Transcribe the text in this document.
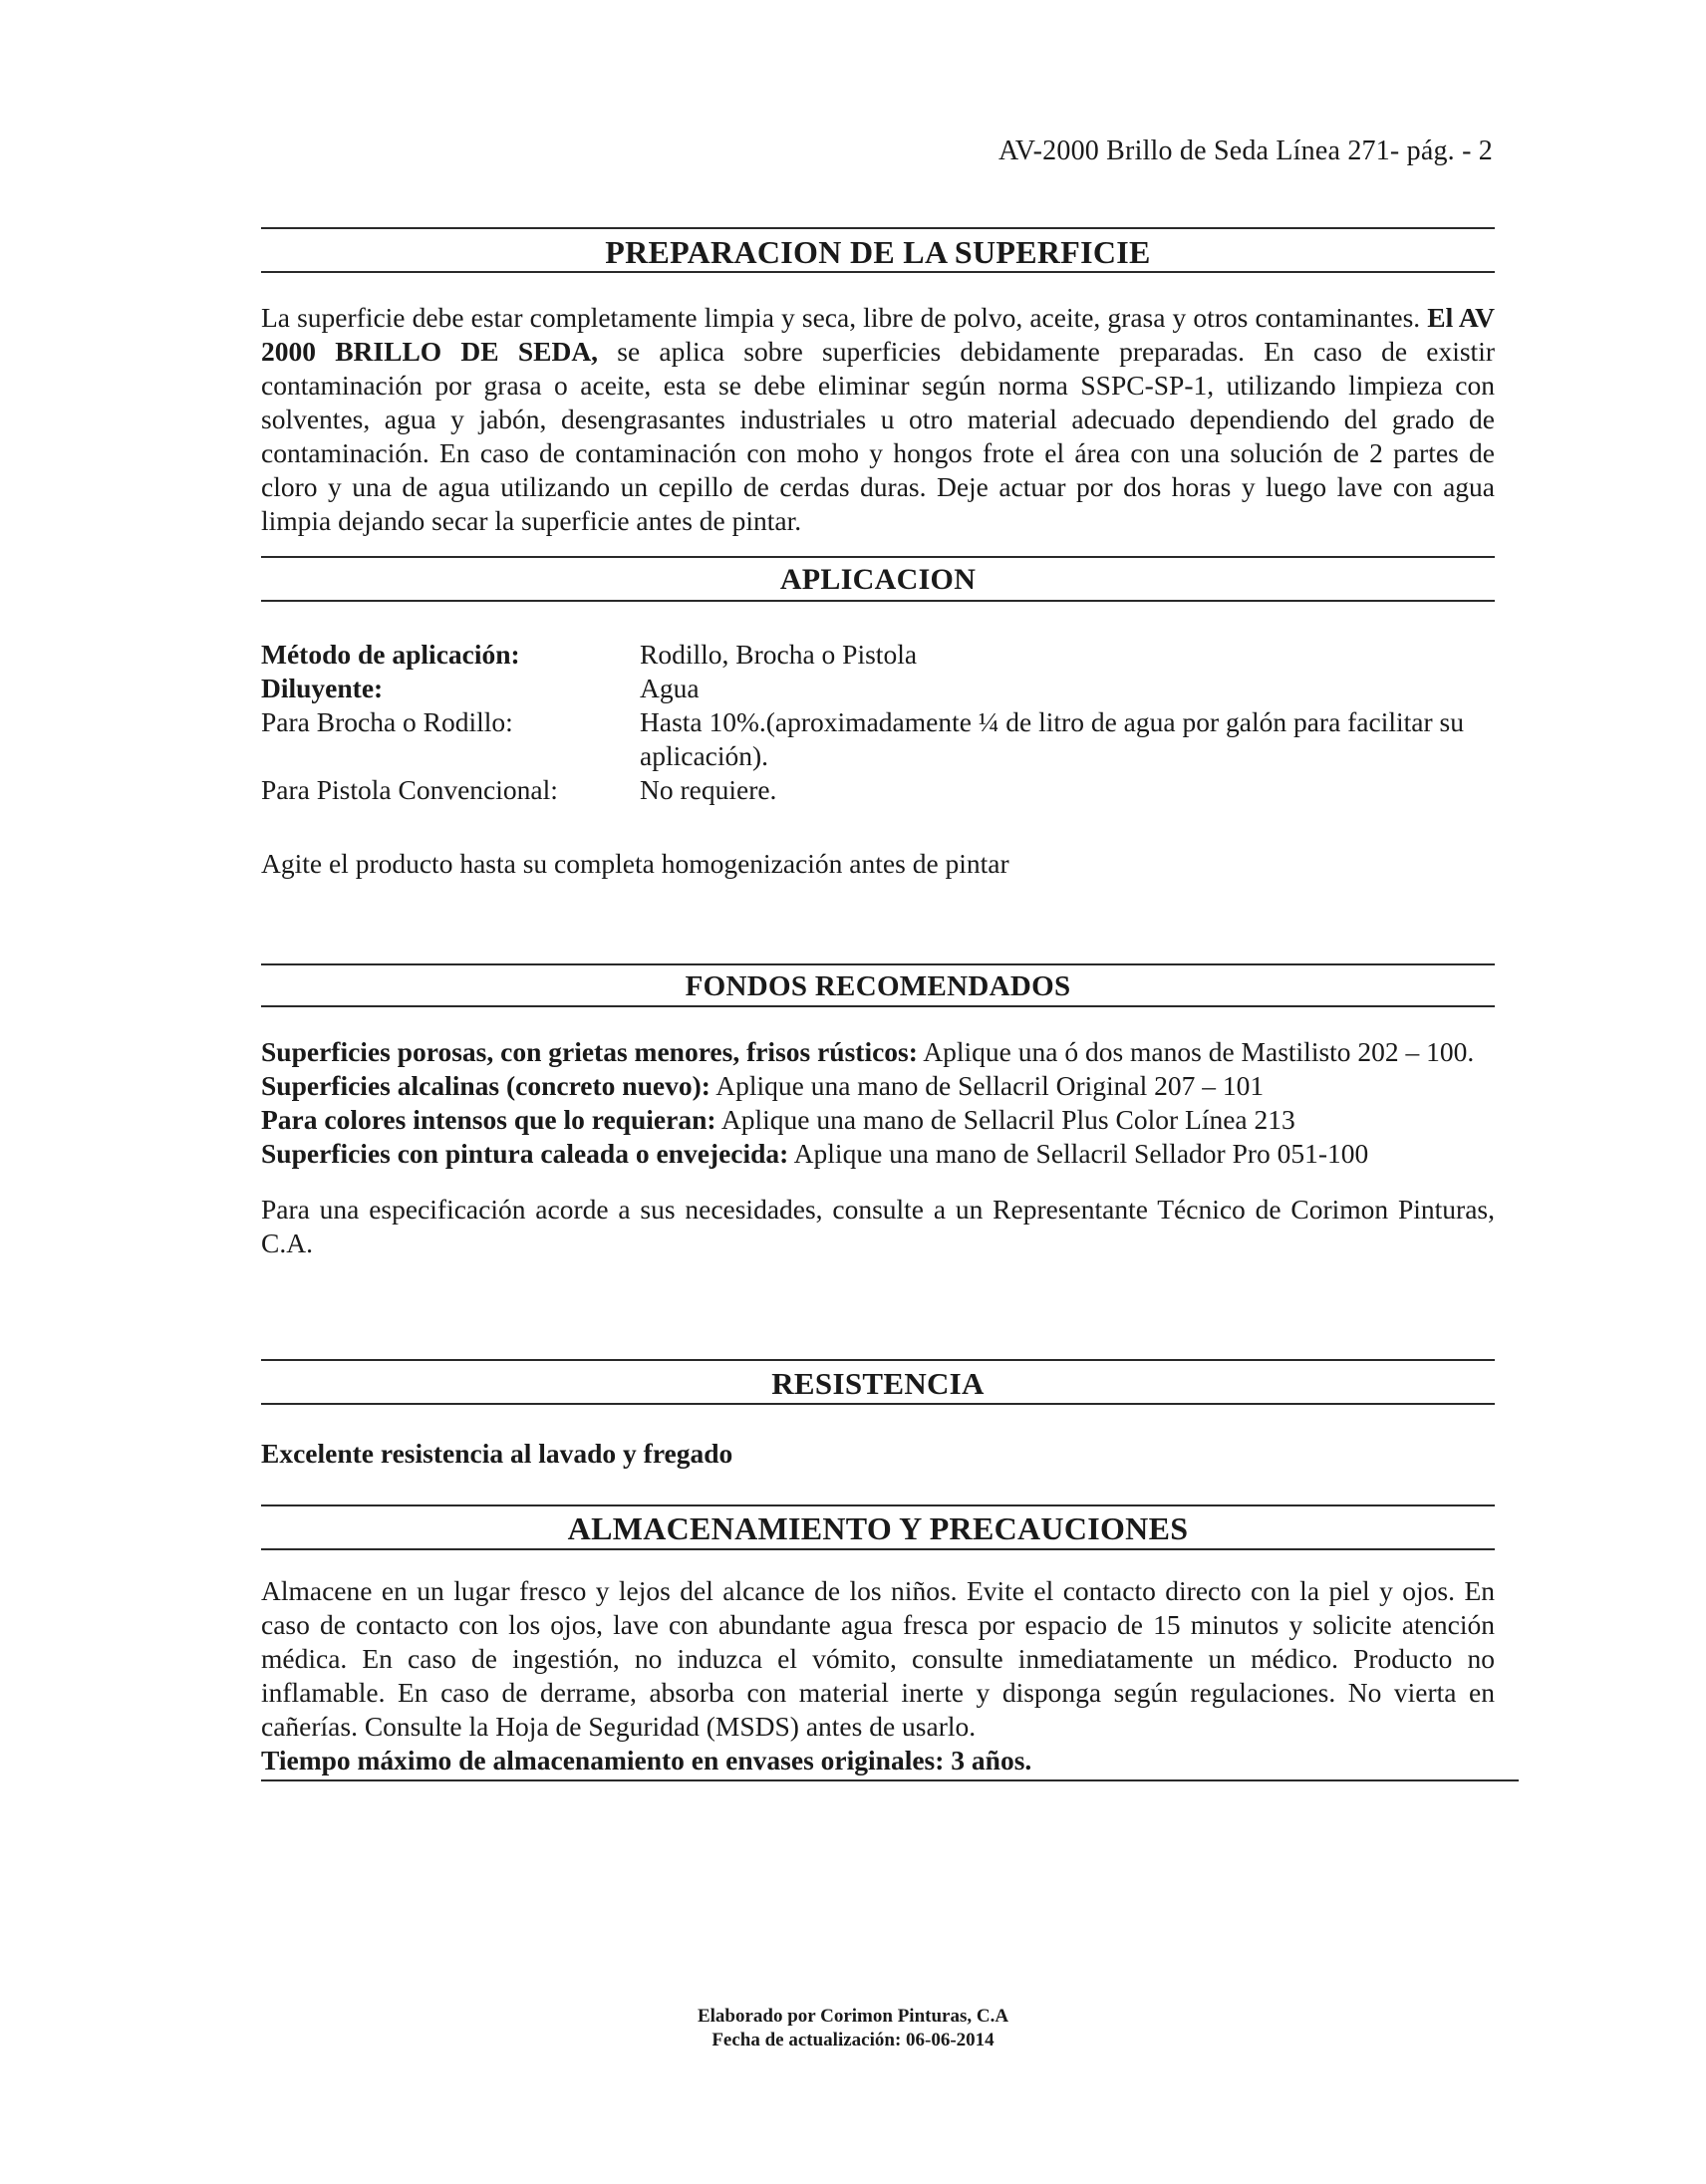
AV-2000 Brillo de Seda Línea 271- pág. - 2
PREPARACION DE LA SUPERFICIE

La superficie debe estar completamente limpia y seca, libre de polvo, aceite, grasa y otros contaminantes. El AV 2000 BRILLO DE SEDA, se aplica sobre superficies debidamente preparadas. En caso de existir contaminación por grasa o aceite, esta se debe eliminar según norma SSPC-SP-1, utilizando limpieza con solventes, agua y jabón, desengrasantes industriales u otro material adecuado dependiendo del grado de contaminación. En caso de contaminación con moho y hongos frote el área con una solución de 2 partes de cloro y una de agua utilizando un cepillo de cerdas duras. Deje actuar por dos horas y luego lave con agua limpia dejando secar la superficie antes de pintar.

APLICACION
Método de aplicación:	Rodillo, Brocha o Pistola
Diluyente:	Agua
Para Brocha o Rodillo:	Hasta 10%.(aproximadamente ¼ de litro de agua por galón para facilitar su aplicación).
Para Pistola Convencional:	No requiere.
Agite el producto hasta su completa homogenización antes de pintar
FONDOS RECOMENDADOS

Superficies porosas, con grietas menores, frisos rústicos: Aplique una ó dos manos de Mastilisto 202 – 100.

Superficies alcalinas (concreto nuevo): Aplique una mano de Sellacril Original 207 – 101

Para colores intensos que lo requieran: Aplique una mano de Sellacril Plus Color Línea 213

Superficies con pintura caleada o envejecida: Aplique una mano de Sellacril Sellador Pro 051-100

Para una especificación acorde a sus necesidades, consulte a un Representante Técnico de Corimon Pinturas, C.A.

RESISTENCIA
Excelente resistencia al lavado y fregado
ALMACENAMIENTO Y PRECAUCIONES

Almacene en un lugar fresco y lejos del alcance de los niños. Evite el contacto directo con la piel y ojos. En caso de contacto con los ojos, lave con abundante agua fresca por espacio de 15 minutos y solicite atención médica. En caso de ingestión, no induzca el vómito, consulte inmediatamente un médico. Producto no inflamable. En caso de derrame, absorba con material inerte y disponga según regulaciones. No vierta en cañerías. Consulte la Hoja de Seguridad (MSDS) antes de usarlo.

Tiempo máximo de almacenamiento en envases originales: 3 años.
Elaborado por Corimon Pinturas, C.A
Fecha de actualización: 06-06-2014
